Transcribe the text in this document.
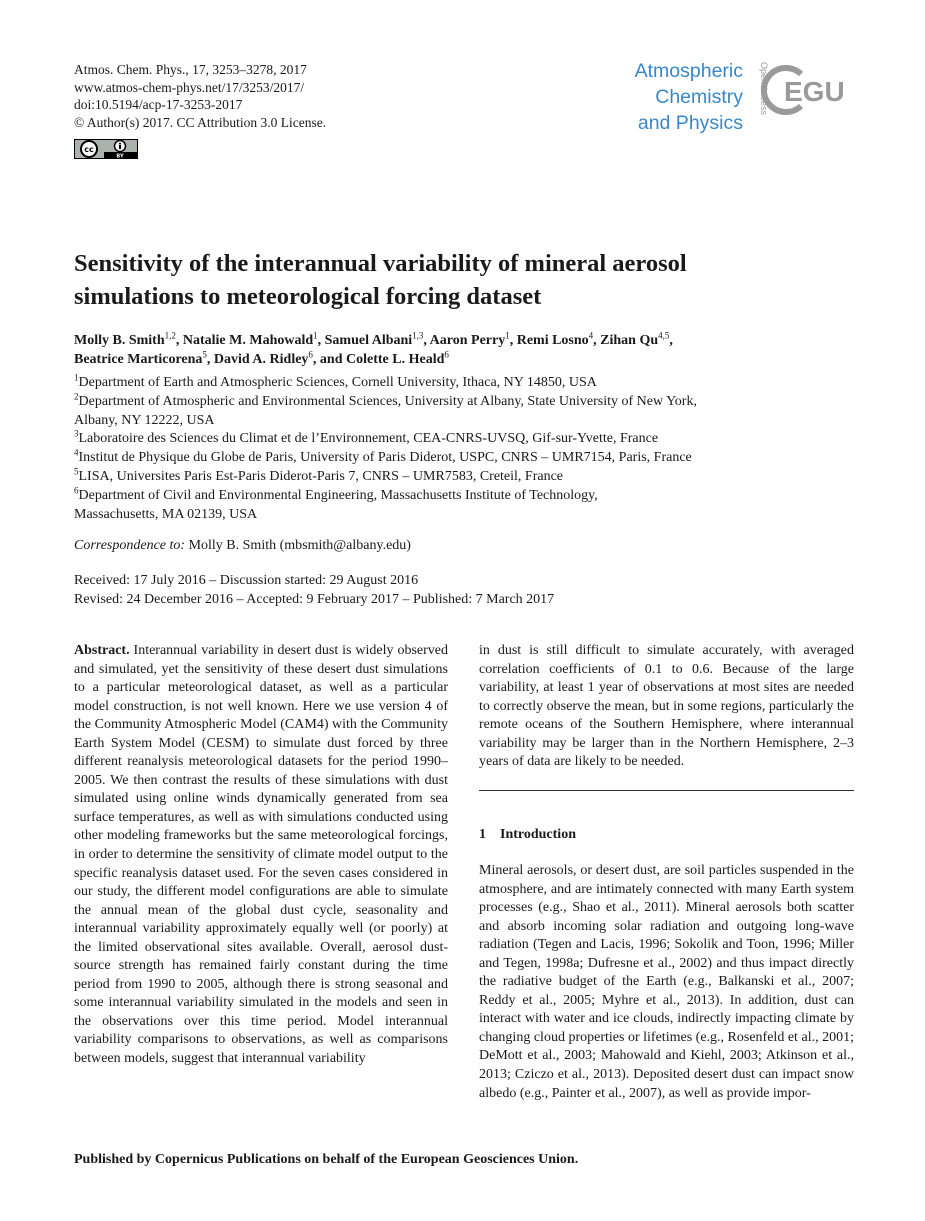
Atmos. Chem. Phys., 17, 3253–3278, 2017
www.atmos-chem-phys.net/17/3253/2017/
doi:10.5194/acp-17-3253-2017
© Author(s) 2017. CC Attribution 3.0 License.
cc
BY
Atmospheric
Chemistry
and Physics
Open Access EGU
Sensitivity of the interannual variability of mineral aerosol
simulations to meteorological forcing dataset
Molly B. Smith$^{1,2}$, Natalie M. Mahowald$^1$, Samuel Albani$^{1,3}$, Aaron Perry$^1$, Remi Losno$^4$, Zihan Qu$^{4,5}$,
Beatrice Marticorena$^5$, David A. Ridley$^6$, and Colette L. Heald$^6$
$^1$Department of Earth and Atmospheric Sciences, Cornell University, Ithaca, NY 14850, USA
$^2$Department of Atmospheric and Environmental Sciences, University at Albany, State University of New York,
Albany, NY 12222, USA
$^3$Laboratoire des Sciences du Climat et de l’Environnement, CEA-CNRS-UVSQ, Gif-sur-Yvette, France
$^4$Institut de Physique du Globe de Paris, University of Paris Diderot, USPC, CNRS – UMR7154, Paris, France
$^5$LISA, Universites Paris Est-Paris Diderot-Paris 7, CNRS – UMR7583, Creteil, France
$^6$Department of Civil and Environmental Engineering, Massachusetts Institute of Technology,
Massachusetts, MA 02139, USA
Correspondence to: Molly B. Smith (mbsmith@albany.edu)
Received: 17 July 2016 – Discussion started: 29 August 2016
Revised: 24 December 2016 – Accepted: 9 February 2017 – Published: 7 March 2017

Abstract. Interannual variability in desert dust is widely observed and simulated, yet the sensitivity of these desert dust simulations to a particular meteorological dataset, as well as a particular model construction, is not well known. Here we use version 4 of the Community Atmospheric Model (CAM4) with the Community Earth System Model (CESM) to simulate dust forced by three different reanalysis meteorological datasets for the period 1990–2005. We then contrast the results of these simulations with dust simulated using online winds dynamically generated from sea surface temperatures, as well as with simulations conducted using other modeling frameworks but the same meteorological forcings, in order to determine the sensitivity of climate model output to the specific reanalysis dataset used. For the seven cases considered in our study, the different model configurations are able to simulate the annual mean of the global dust cycle, seasonality and interannual variability approximately equally well (or poorly) at the limited observational sites available. Overall, aerosol dust-source strength has remained fairly constant during the time period from 1990 to 2005, although there is strong seasonal and some interannual variability simulated in the models and seen in the observations over this time period. Model interannual variability comparisons to observations, as well as comparisons between models, suggest that interannual variability

in dust is still difficult to simulate accurately, with averaged correlation coefficients of 0.1 to 0.6. Because of the large variability, at least 1 year of observations at most sites are needed to correctly observe the mean, but in some regions, particularly the remote oceans of the Southern Hemisphere, where interannual variability may be larger than in the Northern Hemisphere, 2–3 years of data are likely to be needed.

1 Introduction

Mineral aerosols, or desert dust, are soil particles suspended in the atmosphere, and are intimately connected with many Earth system processes (e.g., Shao et al., 2011). Mineral aerosols both scatter and absorb incoming solar radiation and outgoing long-wave radiation (Tegen and Lacis, 1996; Sokolik and Toon, 1996; Miller and Tegen, 1998a; Dufresne et al., 2002) and thus impact directly the radiative budget of the Earth (e.g., Balkanski et al., 2007; Reddy et al., 2005; Myhre et al., 2013). In addition, dust can interact with water and ice clouds, indirectly impacting climate by changing cloud properties or lifetimes (e.g., Rosenfeld et al., 2001; DeMott et al., 2003; Mahowald and Kiehl, 2003; Atkinson et al., 2013; Cziczo et al., 2013). Deposited desert dust can impact snow albedo (e.g., Painter et al., 2007), as well as provide impor-

Published by Copernicus Publications on behalf of the European Geosciences Union.
